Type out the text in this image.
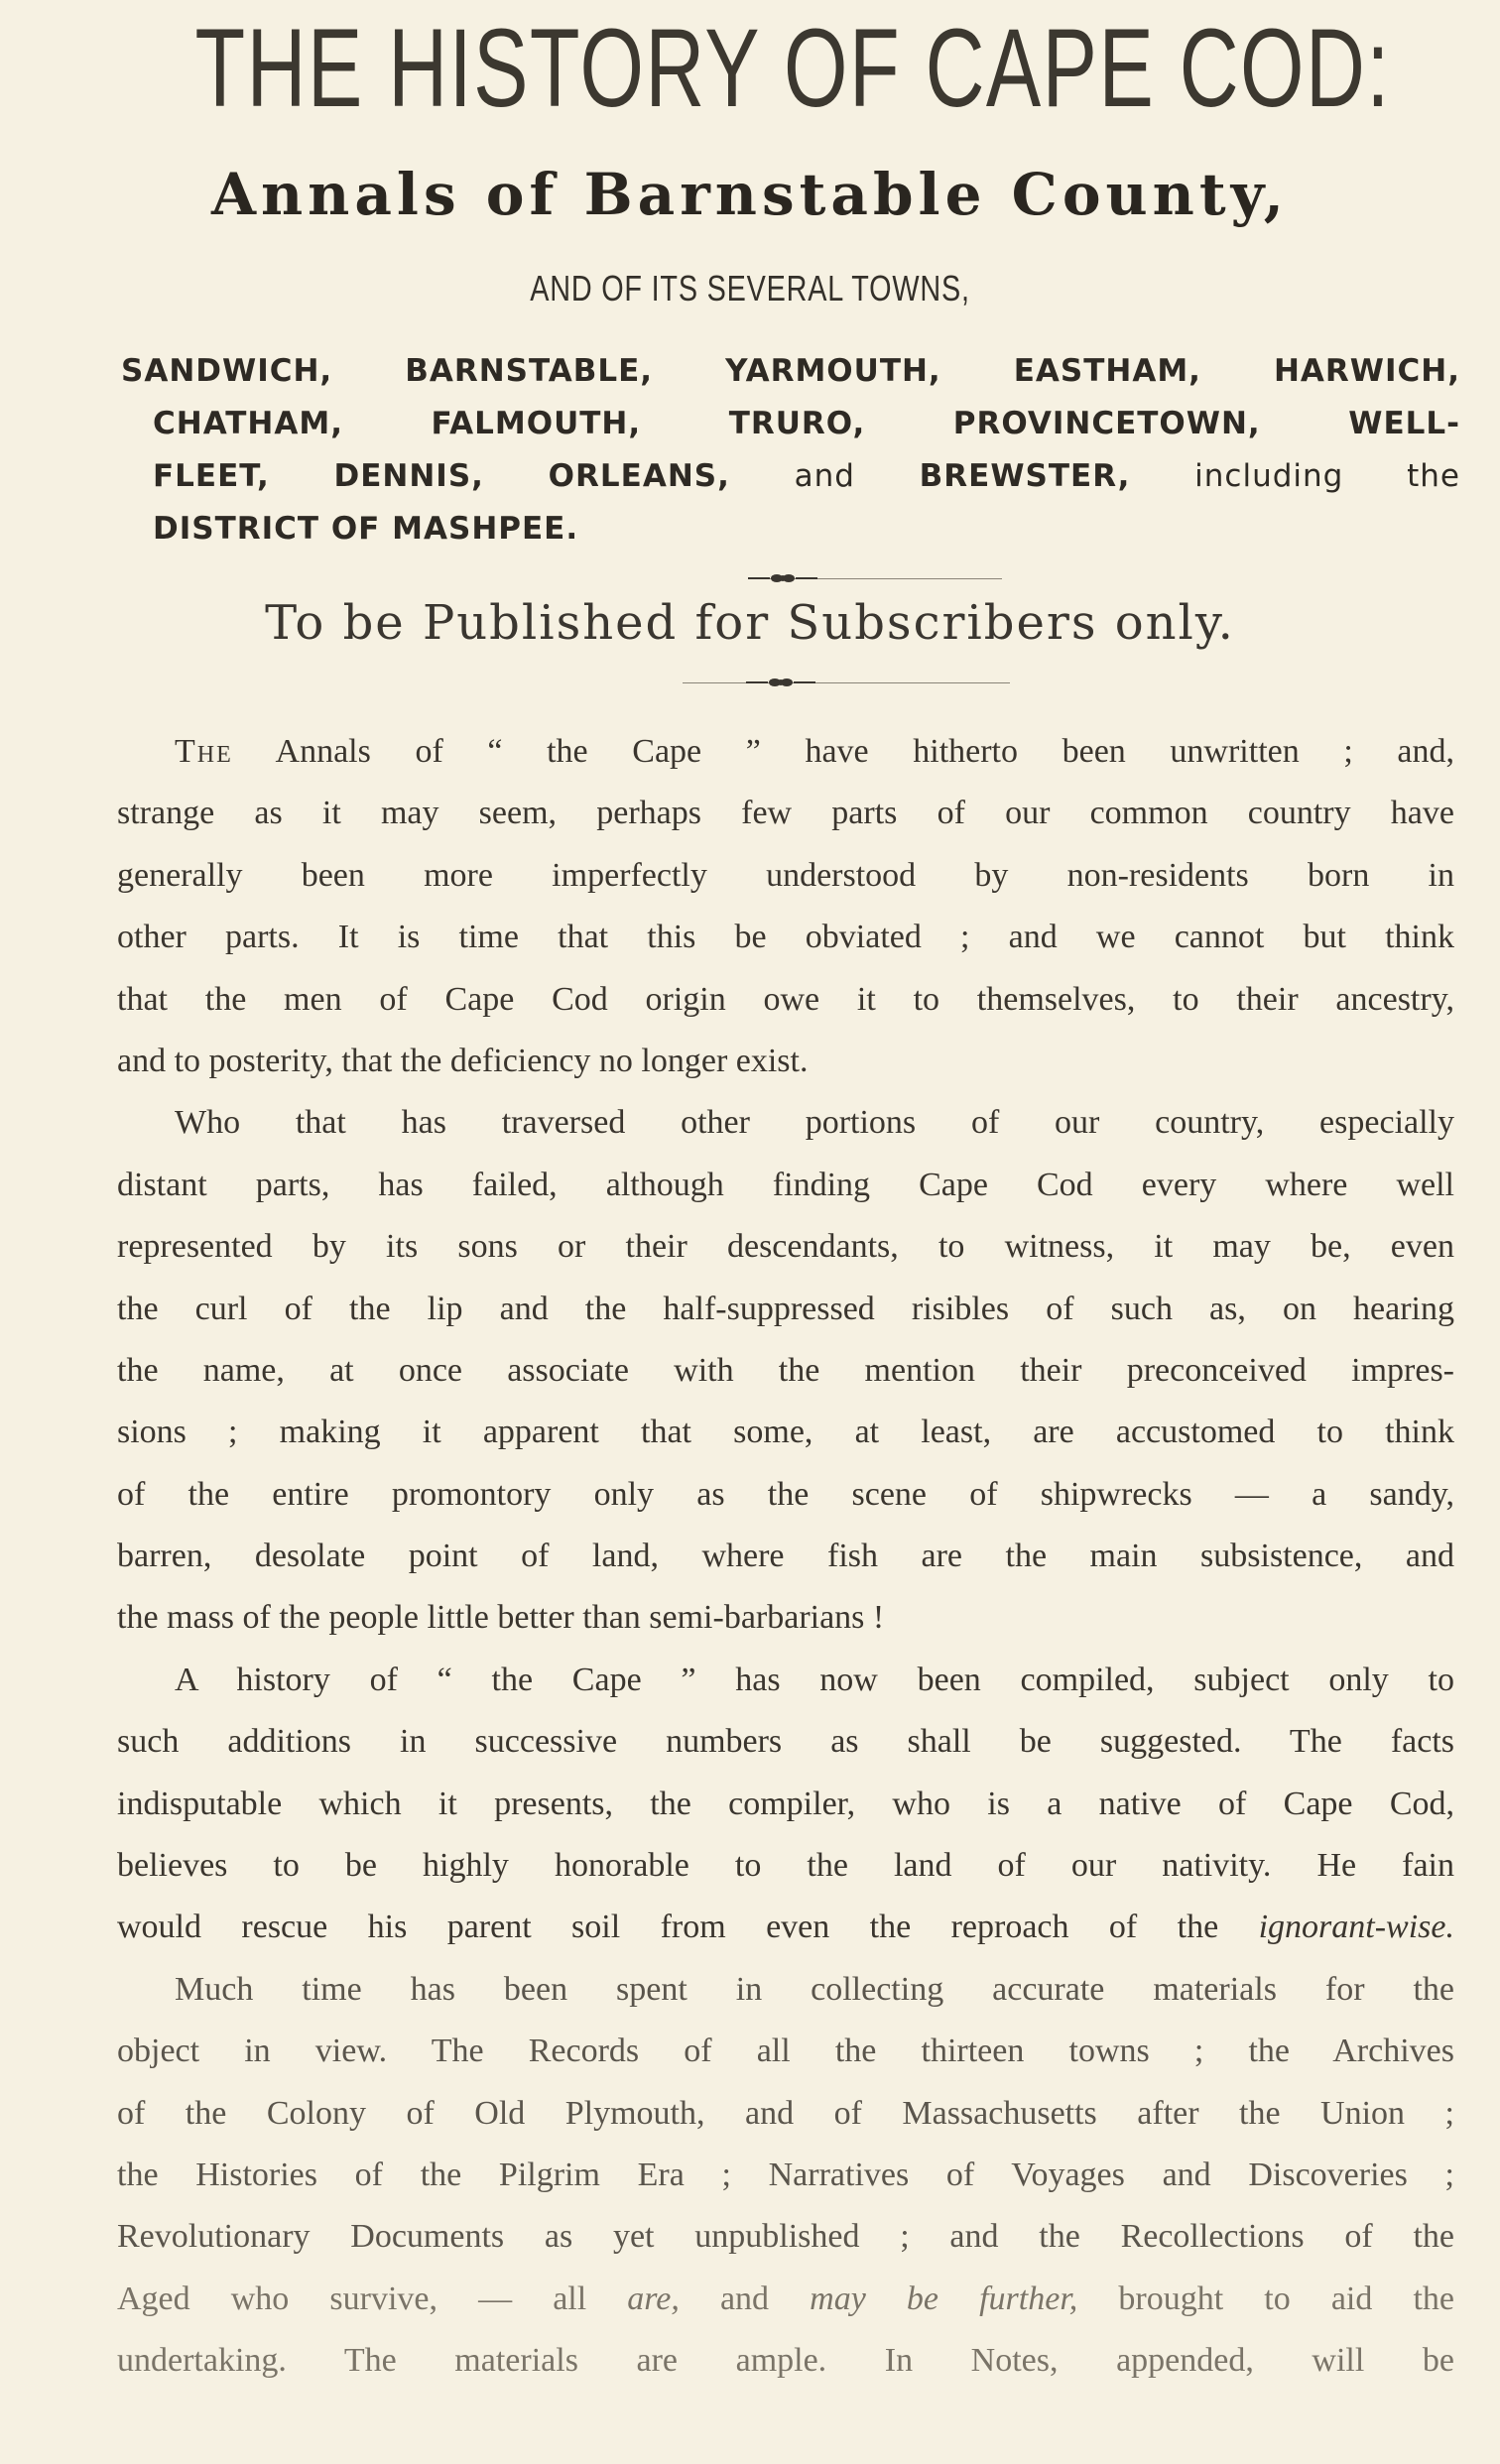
THE HISTORY OF CAPE COD:
Annals of Barnstable County,
AND OF ITS SEVERAL TOWNS,
SANDWICH, BARNSTABLE, YARMOUTH, EASTHAM, HARWICH,
CHATHAM, FALMOUTH, TRURO, PROVINCETOWN, WELL-
FLEET, DENNIS, ORLEANS, and BREWSTER, including the
DISTRICT OF MASHPEE.
To be Published for Subscribers only.
The Annals of “ the Cape ” have hitherto been unwritten ; and,
strange as it may seem, perhaps few parts of our common country have
generally been more imperfectly understood by non-residents born in
other parts. It is time that this be obviated ; and we cannot but think
that the men of Cape Cod origin owe it to themselves, to their ancestry,
and to posterity, that the deficiency no longer exist.
Who that has traversed other portions of our country, especially
distant parts, has failed, although finding Cape Cod every where well
represented by its sons or their descendants, to witness, it may be, even
the curl of the lip and the half-suppressed risibles of such as, on hearing
the name, at once associate with the mention their preconceived impres-
sions ; making it apparent that some, at least, are accustomed to think
of the entire promontory only as the scene of shipwrecks — a sandy,
barren, desolate point of land, where fish are the main subsistence, and
the mass of the people little better than semi-barbarians !
A history of “ the Cape ” has now been compiled, subject only to
such additions in successive numbers as shall be suggested. The facts
indisputable which it presents, the compiler, who is a native of Cape Cod,
believes to be highly honorable to the land of our nativity. He fain
would rescue his parent soil from even the reproach of the ignorant-wise.
Much time has been spent in collecting accurate materials for the
object in view. The Records of all the thirteen towns ; the Archives
of the Colony of Old Plymouth, and of Massachusetts after the Union ;
the Histories of the Pilgrim Era ; Narratives of Voyages and Discoveries ;
Revolutionary Documents as yet unpublished ; and the Recollections of the
Aged who survive, — all are, and may be further, brought to aid the
undertaking. The materials are ample. In Notes, appended, will be
